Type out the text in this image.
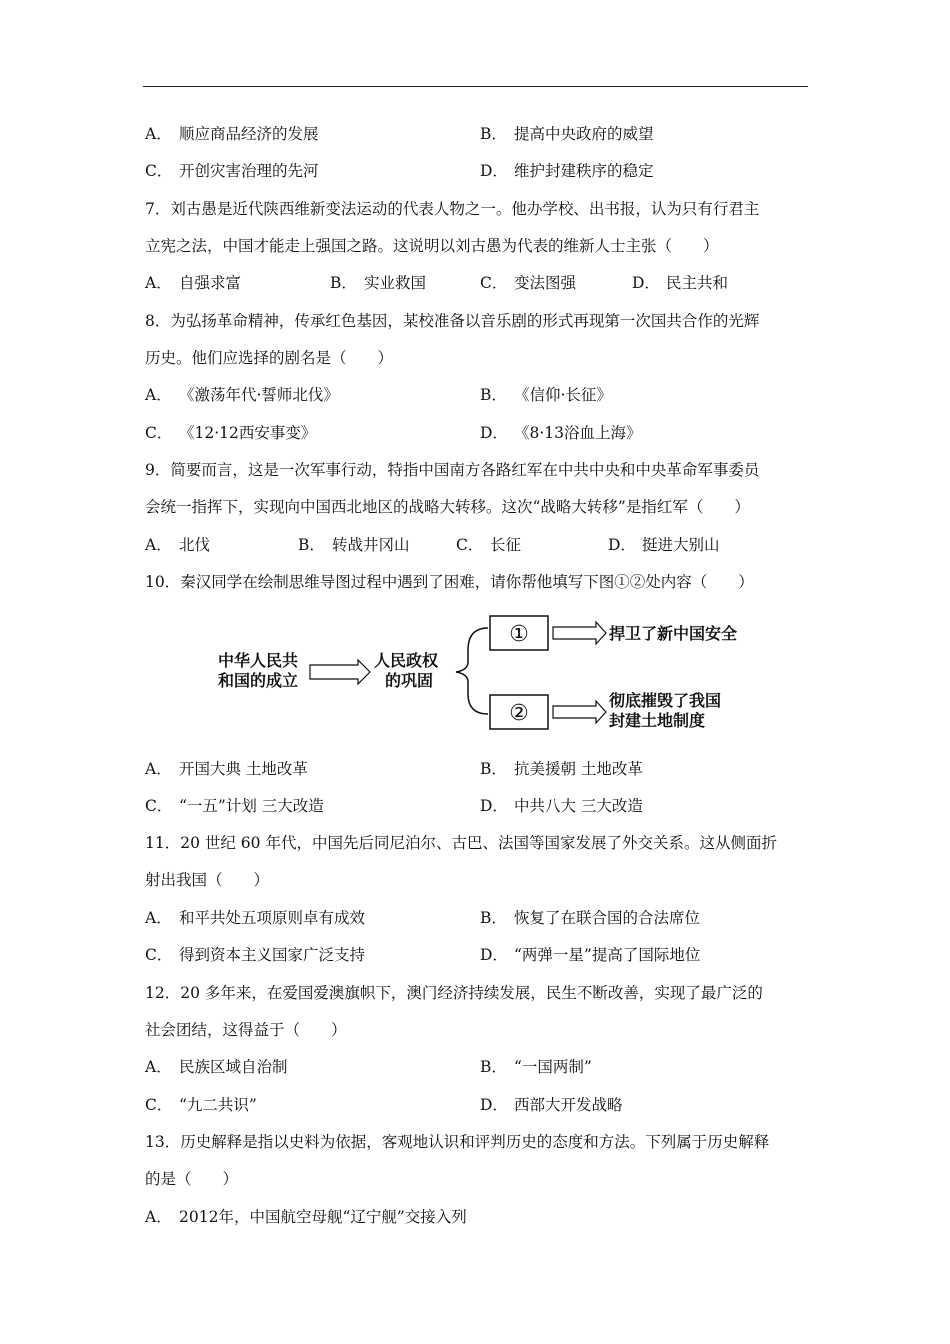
A． 顺应商品经济的发展	B． 提高中央政府的威望
C． 开创灾害治理的先河	D． 维护封建秩序的稳定
7．刘古愚是近代陕西维新变法运动的代表人物之一。他办学校、出书报，认为只有行君主
立宪之法，中国才能走上强国之路。这说明以刘古愚为代表的维新人士主张（　　）
A． 自强求富	B． 实业救国	C． 变法图强	D． 民主共和
8．为弘扬革命精神，传承红色基因，某校准备以音乐剧的形式再现第一次国共合作的光辉
历史。他们应选择的剧名是（　　）
A． 《激荡年代·誓师北伐》	B． 《信仰·长征》
C． 《12·12西安事变》	D． 《8·13浴血上海》
9．简要而言，这是一次军事行动，特指中国南方各路红军在中共中央和中央革命军事委员
会统一指挥下，实现向中国西北地区的战略大转移。这次“战略大转移”是指红军（　　）
A． 北伐	B． 转战井冈山	C． 长征	D． 挺进大别山
10．秦汉同学在绘制思维导图过程中遇到了困难，请你帮他填写下图①②处内容（　　）
中华人民共
和国的成立
人民政权
的巩固
①	捍卫了新中国安全
②
彻底摧毁了我国
封建土地制度
A． 开国大典 土地改革	B． 抗美援朝 土地改革
C． “一五”计划 三大改造	D． 中共八大 三大改造
11．20 世纪 60 年代，中国先后同尼泊尔、古巴、法国等国家发展了外交关系。这从侧面折
射出我国（　　）
A． 和平共处五项原则卓有成效	B． 恢复了在联合国的合法席位
C． 得到资本主义国家广泛支持	D． “两弹一星”提高了国际地位
12．20 多年来，在爱国爱澳旗帜下，澳门经济持续发展，民生不断改善，实现了最广泛的
社会团结，这得益于（　　）
A． 民族区域自治制	B． “一国两制”
C． “九二共识”	D． 西部大开发战略
13．历史解释是指以史料为依据，客观地认识和评判历史的态度和方法。下列属于历史解释
的是（　　）
A． 2012年，中国航空母舰“辽宁舰”交接入列
